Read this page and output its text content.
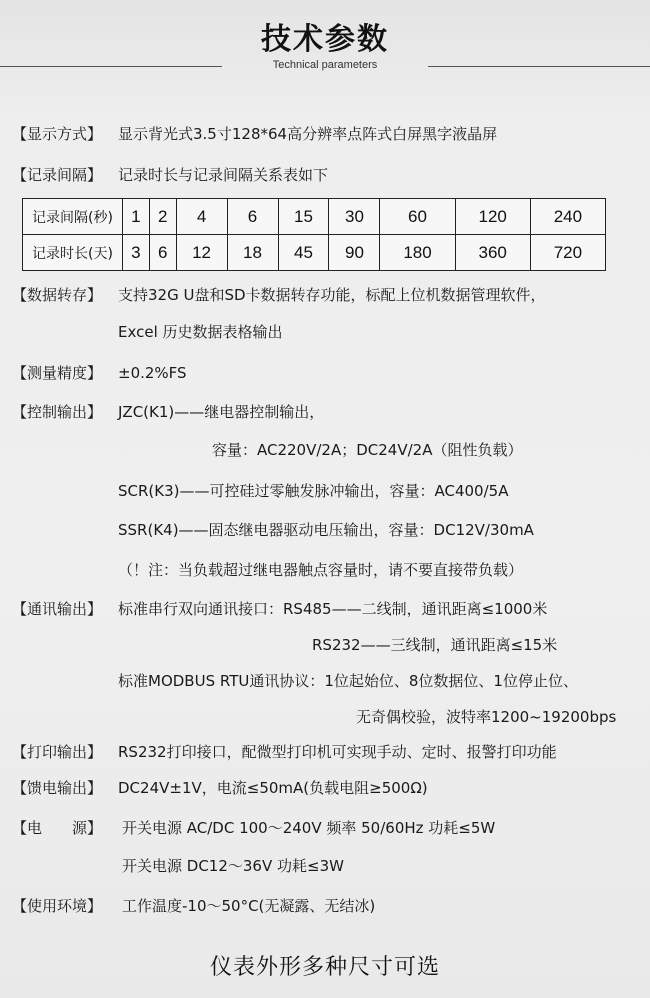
技术参数
Technical parameters
【显示方式】 显示背光式3.5寸128*64高分辨率点阵式白屏黑字液晶屏
【记录间隔】 记录时长与记录间隔关系表如下
记录间隔(秒)	1	2	4	6	15	30	60	120	240
记录时长(天)	3	6	12	18	45	90	180	360	720
【数据转存】 支持32G U盘和SD卡数据转存功能，标配上位机数据管理软件，
Excel 历史数据表格输出
【测量精度】 ±0.2%FS
【控制输出】 JZC(K1)——继电器控制输出，
容量：AC220V/2A；DC24V/2A（阻性负载）
SCR(K3)——可控硅过零触发脉冲输出，容量：AC400/5A
SSR(K4)——固态继电器驱动电压输出，容量：DC12V/30mA
（！注：当负载超过继电器触点容量时，请不要直接带负载）
【通讯输出】 标准串行双向通讯接口：RS485——二线制，通讯距离≤1000米
RS232——三线制，通讯距离≤15米
标准MODBUS RTU通讯协议：1位起始位、8位数据位、1位停止位、
无奇偶校验，波特率1200~19200bps
【打印输出】 RS232打印接口，配微型打印机可实现手动、定时、报警打印功能
【馈电输出】 DC24V±1V，电流≤50mA(负载电阻≥500Ω)
【电　　源】 开关电源 AC/DC 100～240V 频率 50/60Hz 功耗≤5W
开关电源 DC12～36V 功耗≤3W
【使用环境】 工作温度-10～50°C(无凝露、无结冰)
仪表外形多种尺寸可选
